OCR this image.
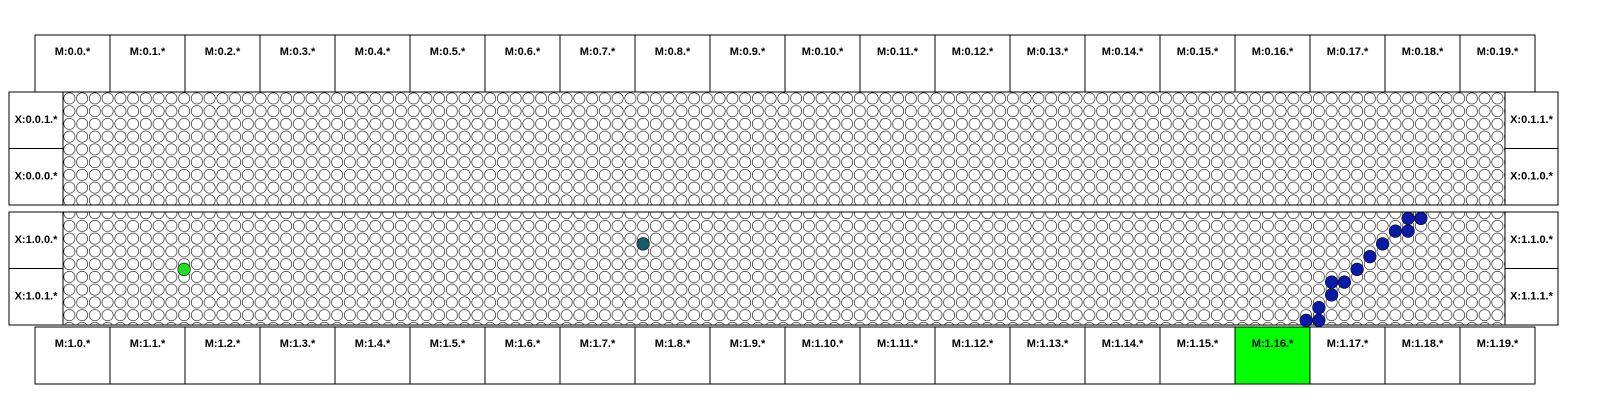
M:0.0.*
M:1.0.*
M:0.1.*
M:1.1.*
M:0.2.*
M:1.2.*
M:0.3.*
M:1.3.*
M:0.4.*
M:1.4.*
M:0.5.*
M:1.5.*
M:0.6.*
M:1.6.*
M:0.7.*
M:1.7.*
M:0.8.*
M:1.8.*
M:0.9.*
M:1.9.*
M:0.10.*
M:1.10.*
M:0.11.*
M:1.11.*
M:0.12.*
M:1.12.*
M:0.13.*
M:1.13.*
M:0.14.*
M:1.14.*
M:0.15.*
M:1.15.*
M:0.16.*
M:1.16.*
M:0.17.*
M:1.17.*
M:0.18.*
M:1.18.*
M:0.19.*
M:1.19.*
X:0.0.1.*	X:0.1.1.*
X:0.0.0.*	X:0.1.0.*
X:1.0.0.*	X:1.1.0.*
X:1.0.1.*	X:1.1.1.*
